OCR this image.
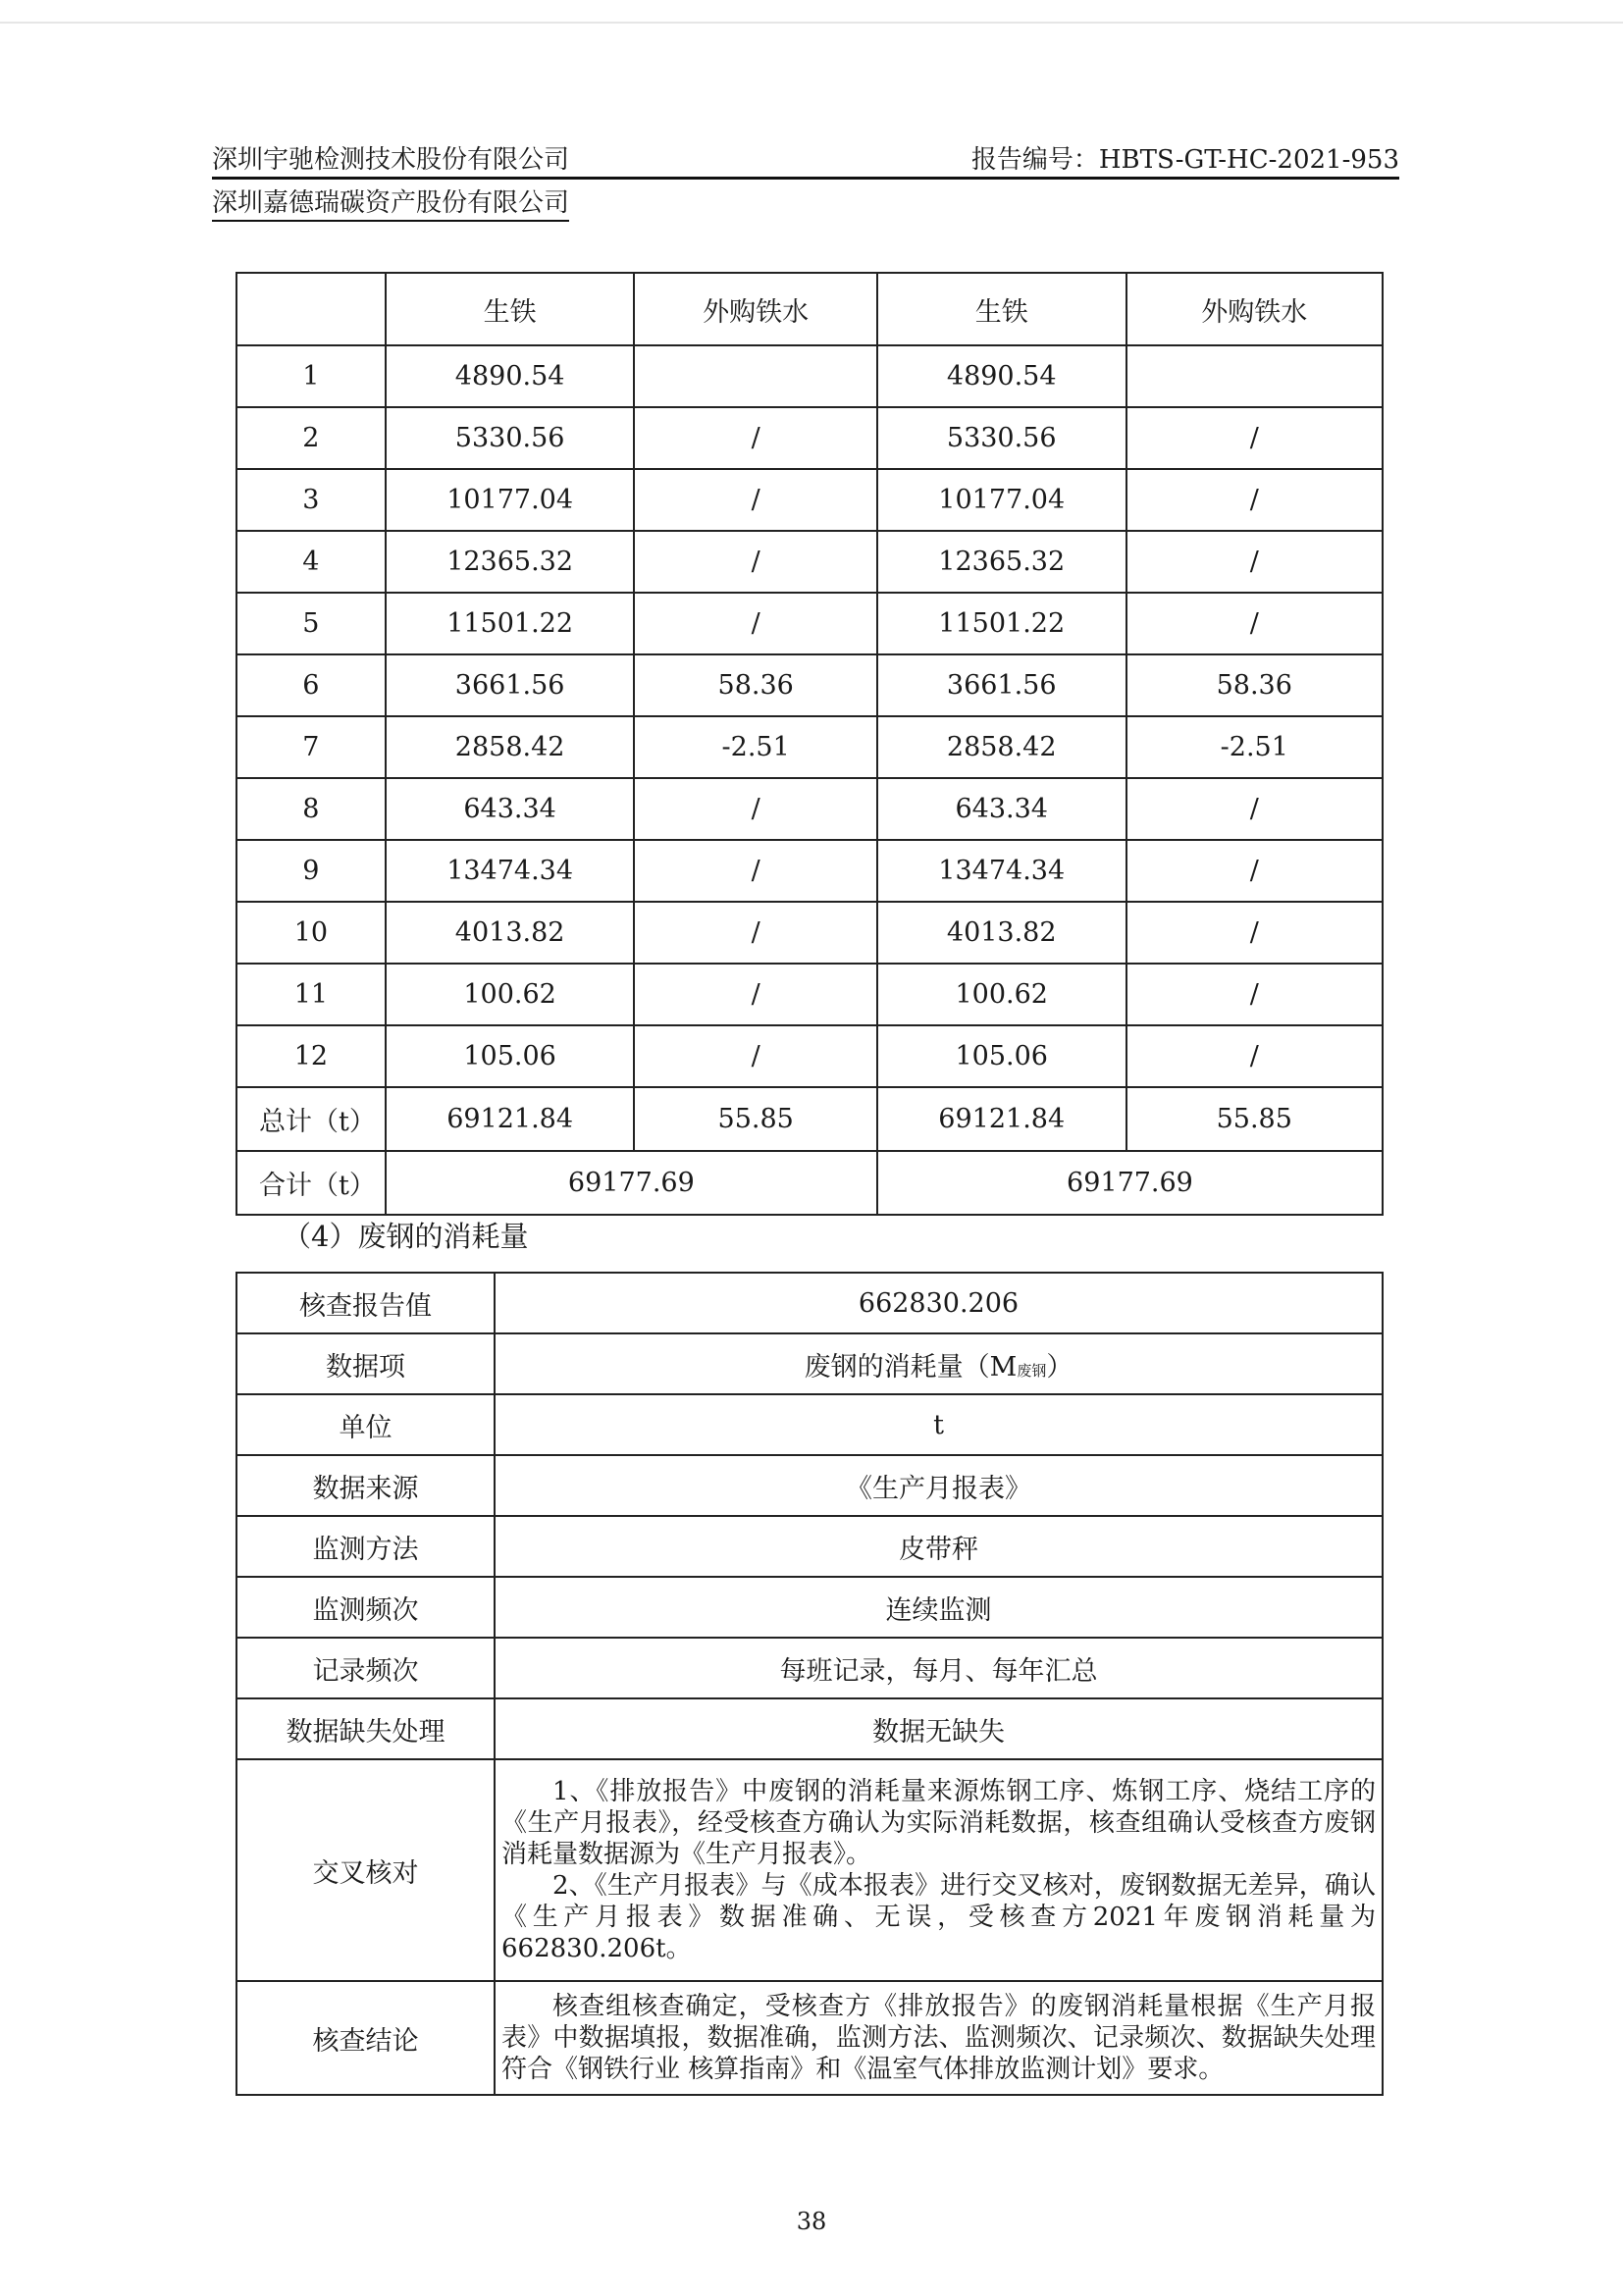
深圳宇驰检测技术股份有限公司	报告编号：HBTS-GT-HC-2021-953
深圳嘉德瑞碳资产股份有限公司
	生铁	外购铁水	生铁	外购铁水
1	4890.54		4890.54	
2	5330.56	/	5330.56	/
3	10177.04	/	10177.04	/
4	12365.32	/	12365.32	/
5	11501.22	/	11501.22	/
6	3661.56	58.36	3661.56	58.36
7	2858.42	-2.51	2858.42	-2.51
8	643.34	/	643.34	/
9	13474.34	/	13474.34	/
10	4013.82	/	4013.82	/
11	100.62	/	100.62	/
12	105.06	/	105.06	/
总计（t）	69121.84	55.85	69121.84	55.85
合计（t）	69177.69		69177.69	
（4）废钢的消耗量
核查报告值	662830.206
数据项	废钢的消耗量（M废钢）
单位	t
数据来源	《生产月报表》
监测方法	皮带秤
监测频次	连续监测
记录频次	每班记录，每月、每年汇总
数据缺失处理	数据无缺失
交叉核对	1、《排放报告》中废钢的消耗量来源炼钢工序、炼钢工序、烧结工序的《生产月报表》，经受核查方确认为实际消耗数据，核查组确认受核查方废钢消耗量数据源为《生产月报表》。

2、《生产月报表》与《成本报表》进行交叉核对，废钢数据无差异，确认《生产月报表》数据准确、无误，受核查方2021年废钢消耗量为662830.206t。

核查结论	核查组核查确定，受核查方《排放报告》的废钢消耗量根据《生产月报表》中数据填报，数据准确，监测方法、监测频次、记录频次、数据缺失处理符合《钢铁行业 核算指南》和《温室气体排放监测计划》要求。

38
